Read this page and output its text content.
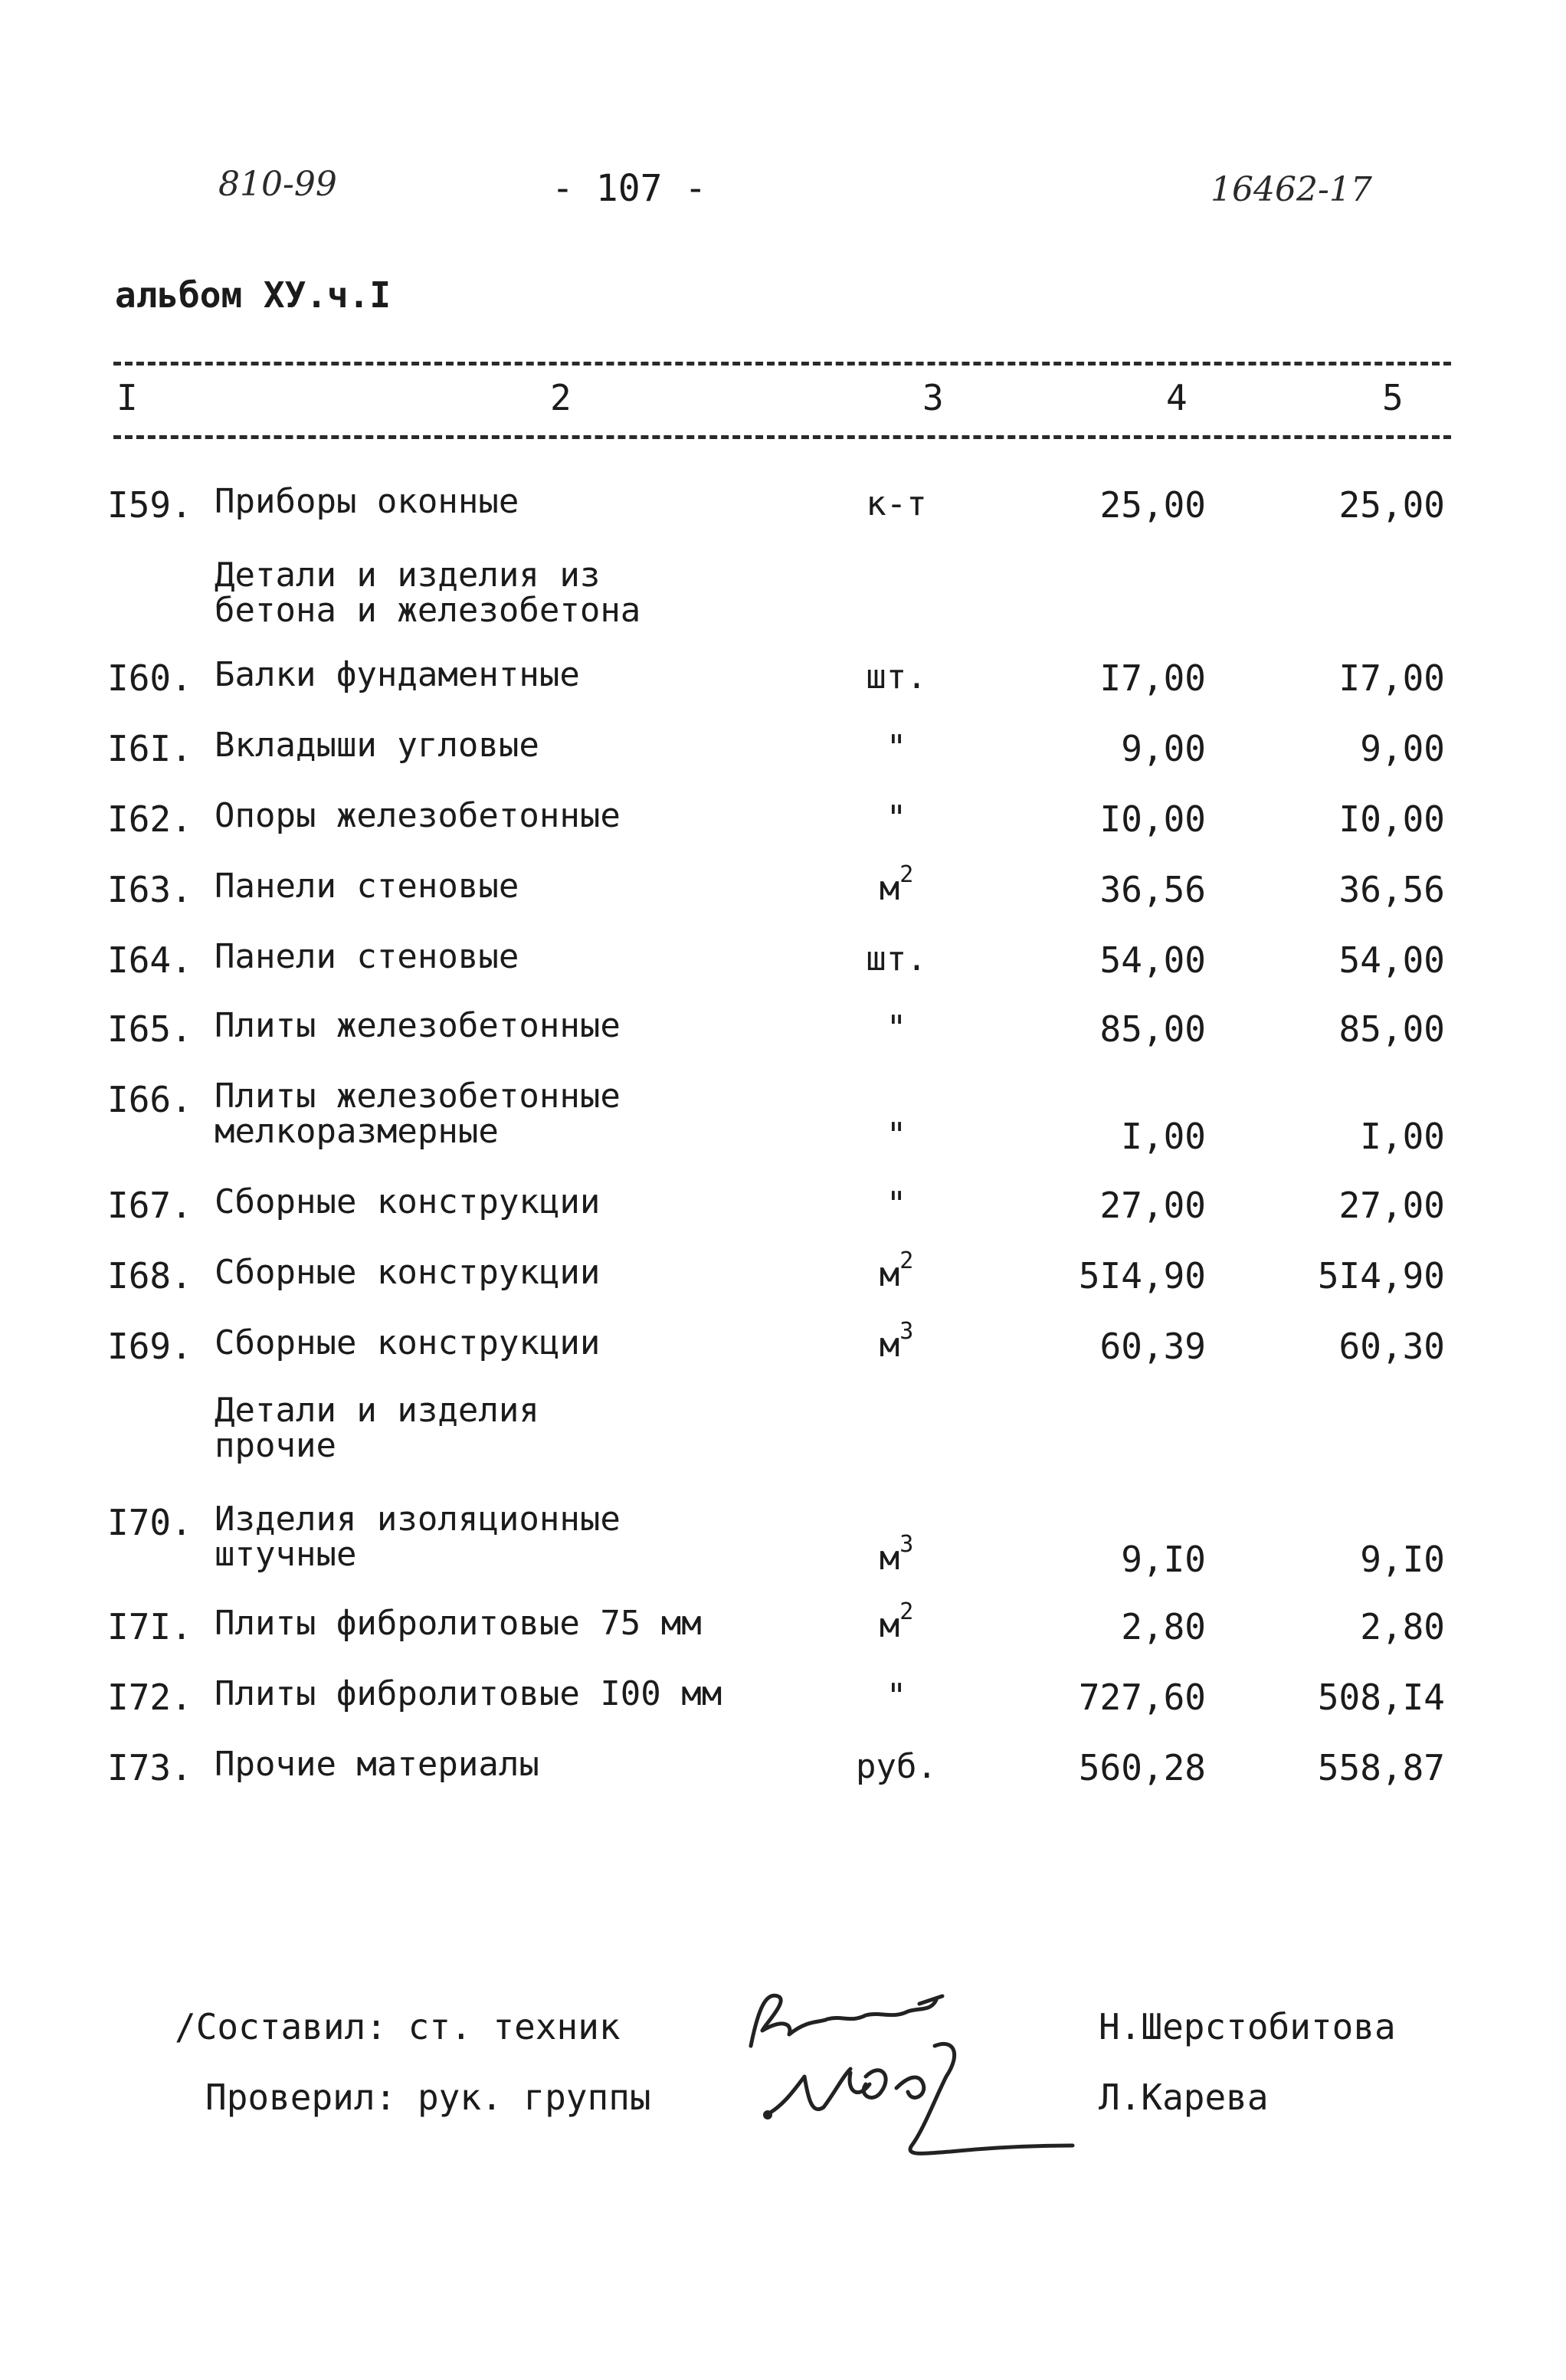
810-99	- 107 -	16462-17
альбом ХУ.ч.I
I	2	3	4	5
I59. Приборы оконные	к-т	25,00	25,00
Детали и изделия из
бетона и железобетона
I60. Балки фундаментные	шт.	I7,00	I7,00
I6I. Вкладыши угловые	"	9,00	9,00
I62. Опоры железобетонные	"	I0,00	I0,00
I63. Панели стеновые	$м^2$	36,56	36,56
I64. Панели стеновые	шт.	54,00	54,00
I65. Плиты железобетонные	"	85,00	85,00
I66. Плиты железобетонные
мелкоразмерные	"	I,00	I,00
I67. Сборные конструкции	"	27,00	27,00
I68. Сборные конструкции	$м^2$	5I4,90	5I4,90
I69. Сборные конструкции	$м^3$	60,39	60,30
Детали и изделия
прочие
I70. Изделия изоляционные
штучные	$м^3$	9,I0	9,I0
I7I. Плиты фибролитовые 75 мм	$м^2$	2,80	2,80
I72. Плиты фибролитовые I00 мм	"	727,60	508,I4
I73. Прочие материалы	руб.	560,28	558,87
/Составил: ст. техник	Н.Шерстобитова
Проверил: рук. группы	Л.Карева
